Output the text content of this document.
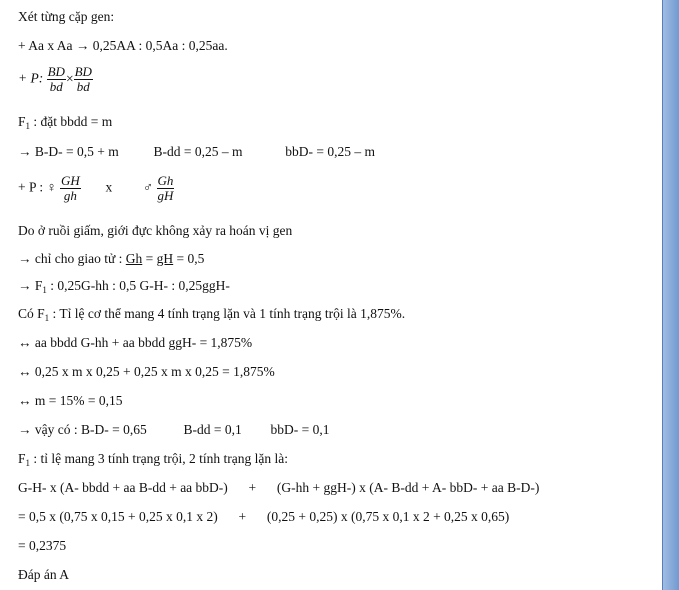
Xét từng cặp gen:
+ Aa x Aa → 0,25AA : 0,5Aa : 0,25aa.
+ P: $\frac{BD}{bd} \times \frac{BD}{bd}$
$F_1$ : đặt bbdd = m
→ B-D- = 0,5 + m	B-dd = 0,25 – m	bbD- = 0,25 – m
+ P : ♀ $\frac{GH}{gh}$ x ♂ $\frac{Gh}{gH}$
Do ở ruồi giấm, giới đực không xảy ra hoán vị gen
→ chỉ cho giao tử : Gh = gH = 0,5
→ $F_1$ : 0,25G-hh : 0,5 G-H- : 0,25ggH-
Có $F_1$ : Tỉ lệ cơ thể mang 4 tính trạng lặn và 1 tính trạng trội là 1,875%.
↔ aa bbdd G-hh + aa bbdd ggH- = 1,875%
↔ 0,25 x m x 0,25 + 0,25 x m x 0,25 = 1,875%
↔ m = 15% = 0,15
→ vậy có : B-D- = 0,65	B-dd = 0,1 bbD- = 0,1
$F_1$ : tỉ lệ mang 3 tính trạng trội, 2 tính trạng lặn là:
G-H- x (A- bbdd + aa B-dd + aa bbD-) + (G-hh + ggH-) x (A- B-dd + A- bbD- + aa B-D-)
= 0,5 x (0,75 x 0,15 + 0,25 x 0,1 x 2) + (0,25 + 0,25) x (0,75 x 0,1 x 2 + 0,25 x 0,65)
= 0,2375
Đáp án A
